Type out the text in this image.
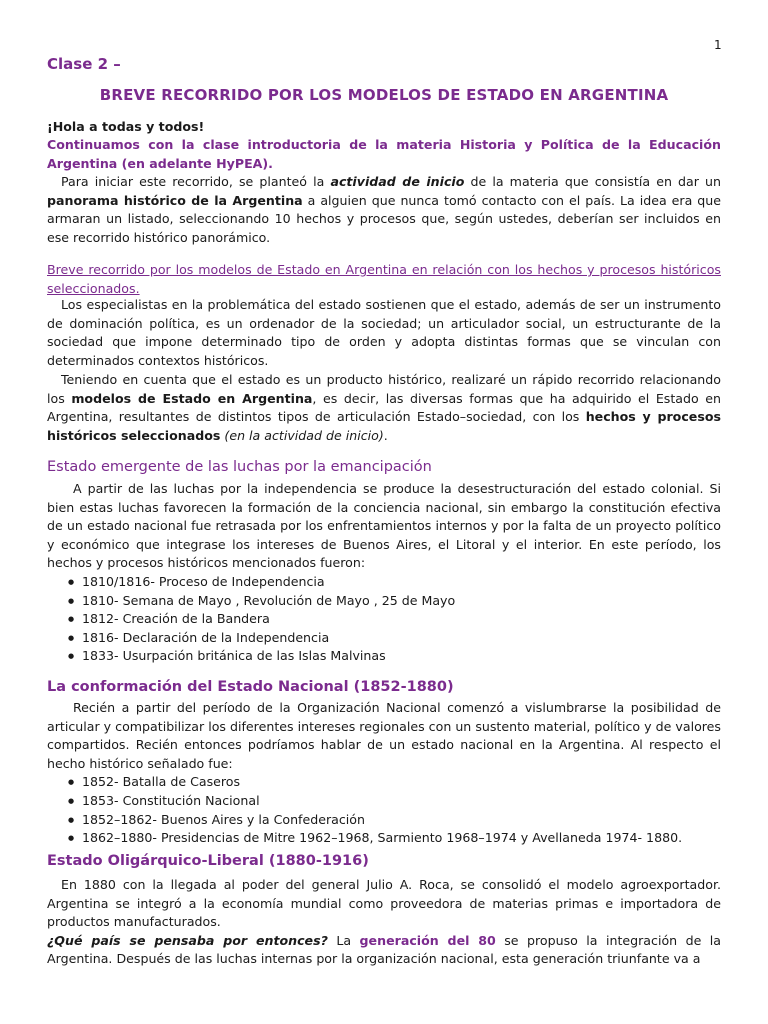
1
Clase 2 –
BREVE RECORRIDO POR LOS MODELOS DE ESTADO EN ARGENTINA
¡Hola a todas y todos!
Continuamos con la clase introductoria de la materia Historia y Política de la Educación Argentina (en adelante HyPEA).
Para iniciar este recorrido, se planteó la actividad de inicio de la materia que consistía en dar un panorama histórico de la Argentina a alguien que nunca tomó contacto con el país. La idea era que armaran un listado, seleccionando 10 hechos y procesos que, según ustedes, deberían ser incluidos en ese recorrido histórico panorámico.
Breve recorrido por los modelos de Estado en Argentina en relación con los hechos y procesos históricos seleccionados.
Los especialistas en la problemática del estado sostienen que el estado, además de ser un instrumento de dominación política, es un ordenador de la sociedad; un articulador social, un estructurante de la sociedad que impone determinado tipo de orden y adopta distintas formas que se vinculan con determinados contextos históricos.
Teniendo en cuenta que el estado es un producto histórico, realizaré un rápido recorrido relacionando los modelos de Estado en Argentina, es decir, las diversas formas que ha adquirido el Estado en Argentina, resultantes de distintos tipos de articulación Estado–sociedad, con los hechos y procesos históricos seleccionados (en la actividad de inicio).
Estado emergente de las luchas por la emancipación
A partir de las luchas por la independencia se produce la desestructuración del estado colonial. Si bien estas luchas favorecen la formación de la conciencia nacional, sin embargo la constitución efectiva de un estado nacional fue retrasada por los enfrentamientos internos y por la falta de un proyecto político y económico que integrase los intereses de Buenos Aires, el Litoral y el interior. En este período, los hechos y procesos históricos mencionados fueron:
● 1810/1816- Proceso de Independencia
● 1810- Semana de Mayo , Revolución de Mayo , 25 de Mayo
● 1812- Creación de la Bandera
● 1816- Declaración de la Independencia
● 1833- Usurpación británica de las Islas Malvinas
La conformación del Estado Nacional (1852-1880)
Recién a partir del período de la Organización Nacional comenzó a vislumbrarse la posibilidad de articular y compatibilizar los diferentes intereses regionales con un sustento material, político y de valores compartidos. Recién entonces podríamos hablar de un estado nacional en la Argentina. Al respecto el hecho histórico señalado fue:
● 1852- Batalla de Caseros
● 1853- Constitución Nacional
● 1852–1862- Buenos Aires y la Confederación
● 1862–1880- Presidencias de Mitre 1962–1968, Sarmiento 1968–1974 y Avellaneda 1974- 1880.
Estado Oligárquico-Liberal (1880-1916)
En 1880 con la llegada al poder del general Julio A. Roca, se consolidó el modelo agroexportador. Argentina se integró a la economía mundial como proveedora de materias primas e importadora de productos manufacturados.
¿Qué país se pensaba por entonces? La generación del 80 se propuso la integración de la Argentina. Después de las luchas internas por la organización nacional, esta generación triunfante va a
